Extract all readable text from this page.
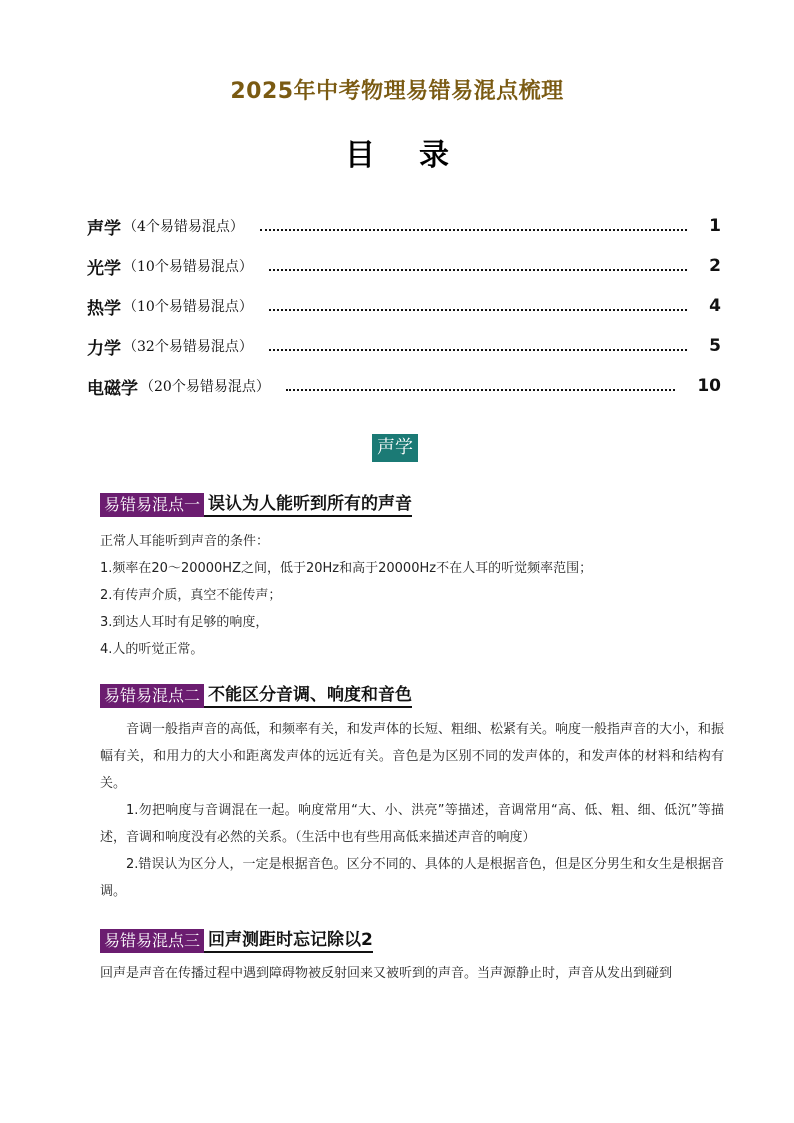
2025年中考物理易错易混点梳理
目 录
声学 （4个易错易混点）	1
光学 （10个易错易混点）	2
热学 （10个易错易混点）	4
力学 （32个易错易混点）	5
电磁学 （20个易错易混点）	10
声学
易错易混点一 误认为人能听到所有的声音
正常人耳能听到声音的条件：
1.频率在20～20000HZ之间，低于20Hz和高于20000Hz不在人耳的听觉频率范围；
2.有传声介质，真空不能传声；
3.到达人耳时有足够的响度，
4.人的听觉正常。
易错易混点二 不能区分音调、响度和音色

音调一般指声音的高低，和频率有关，和发声体的长短、粗细、松紧有关。响度一般指声音的大小，和振幅有关，和用力的大小和距离发声体的远近有关。音色是为区别不同的发声体的，和发声体的材料和结构有关。

1.勿把响度与音调混在一起。响度常用“大、小、洪亮”等描述，音调常用“高、低、粗、细、低沉”等描述，音调和响度没有必然的关系。（生活中也有些用高低来描述声音的响度）

2.错误认为区分人，一定是根据音色。区分不同的、具体的人是根据音色，但是区分男生和女生是根据音调。

易错易混点三 回声测距时忘记除以2

回声是声音在传播过程中遇到障碍物被反射回来又被听到的声音。当声源静止时，声音从发出到碰到
